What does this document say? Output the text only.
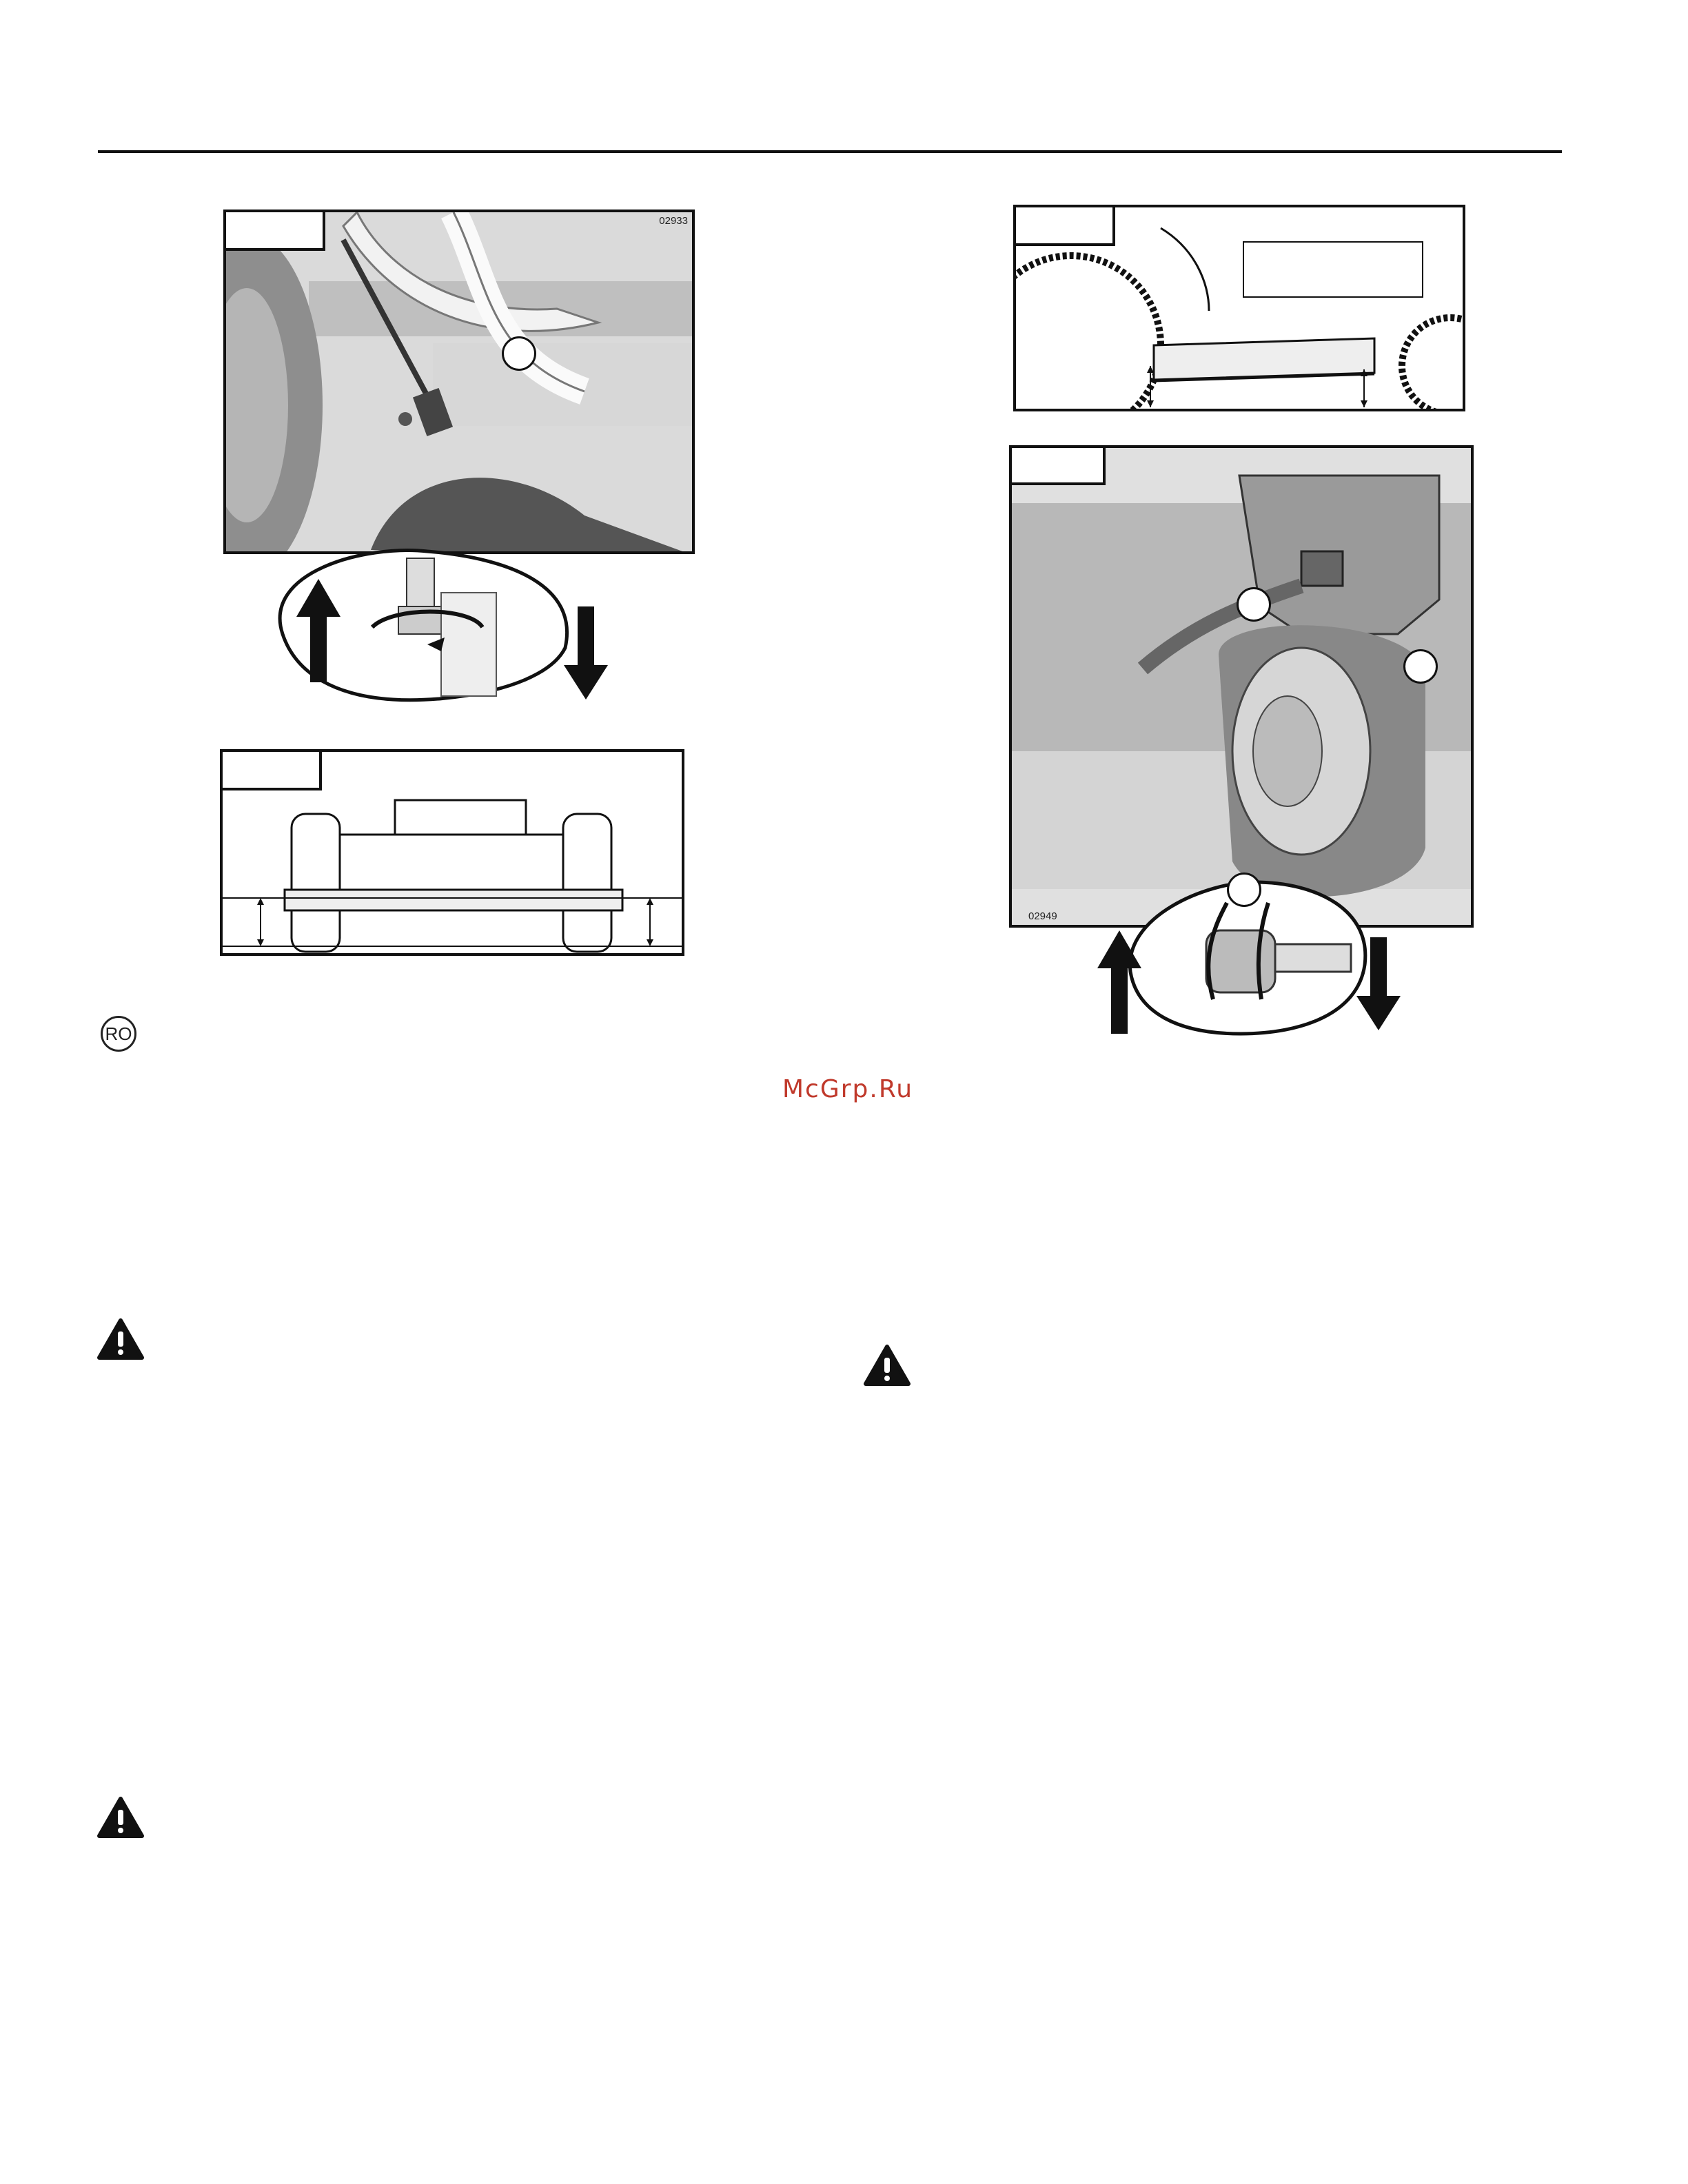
02933
02949
RO
McGrp.Ru
